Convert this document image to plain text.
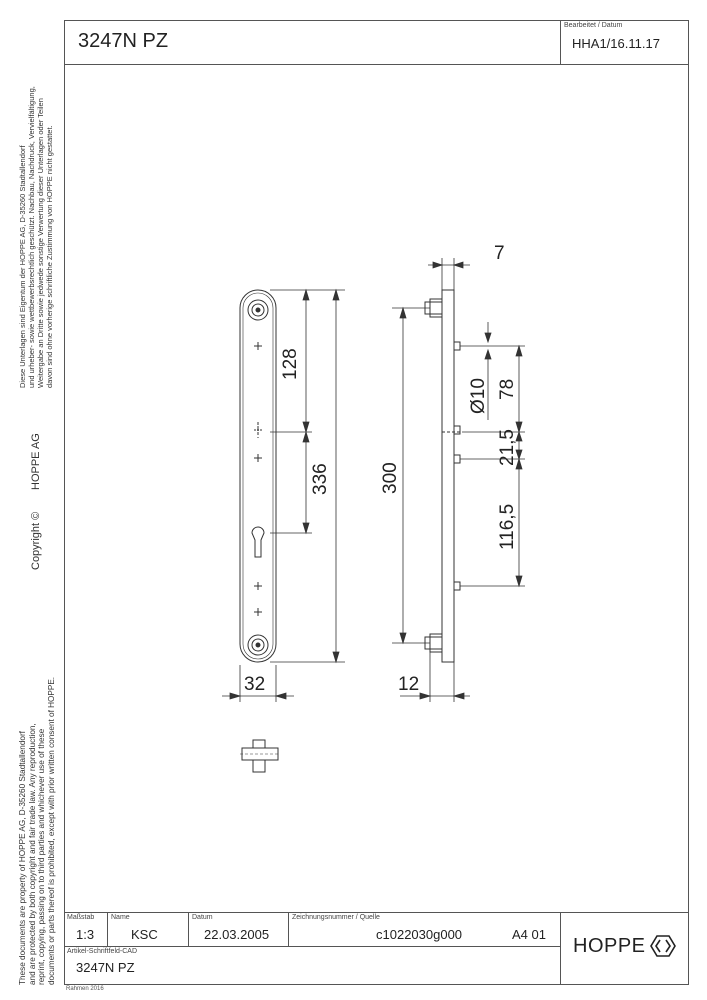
3247N PZ
Bearbeitet / Datum
HHA1/16.11.17
Diese Unterlagen sind Eigentum der HOPPE AG, D-35260 Stadtallendorf und urheber- sowie wettbewerbsrechtlich geschützt. Nachbau, Nachdruck, Vervielfältigung, Weitergabe an Dritte sowie jedwede sonstige Verwertung dieser Unterlagen oder Teilen davon sind ohne vorherige schriftliche Zustimmung von HOPPE nicht gestattet.
Copyright ©
HOPPE AG
These documents are property of HOPPE AG, D-35260 Stadtallendorf and are protected by both copyright and fair trade law. Any reproduction, reprint, copying, passing on to third parties and whichever use of these documents or parts thereof is prohibited, except with prior written consent of HOPPE.
7
128
336	300
Ø10 78
21,5
116,5
32	12
Maßstab
1:3
Name
KSC
Datum
22.03.2005
Zeichnungsnummer / Quelle
c1022030g000	A4 01
Artikel-Schriftfeld-CAD
3247N PZ
HOPPE
Rahmen 2016
